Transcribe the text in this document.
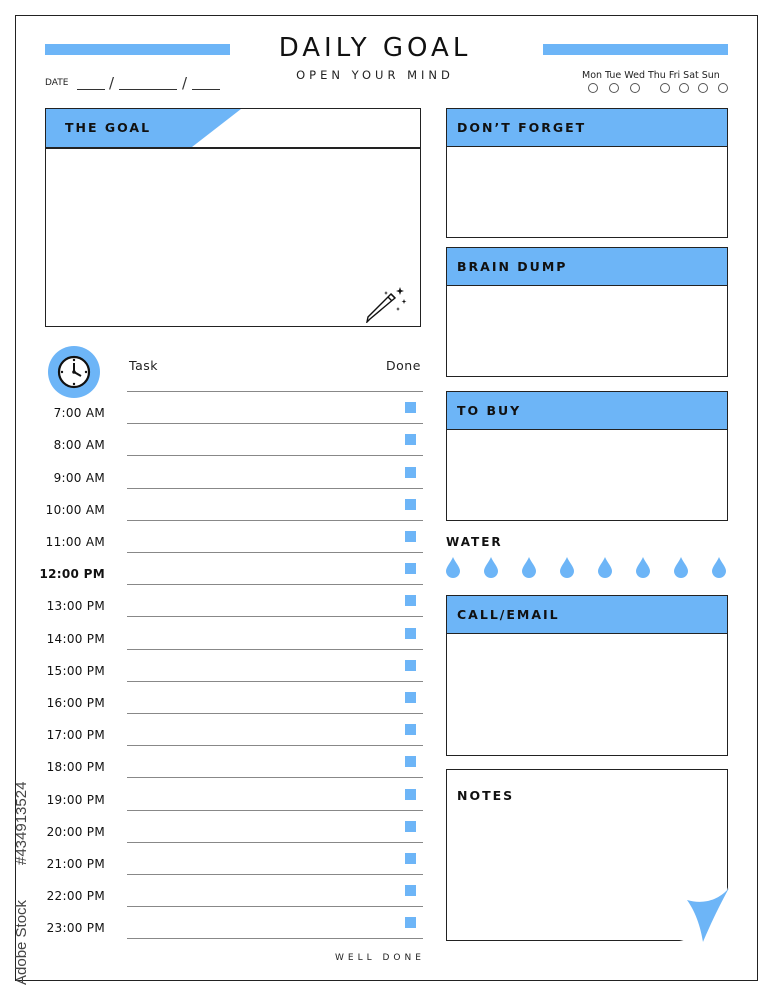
DAILY GOAL
OPEN YOUR MIND
DATE	/	/	Mon Tue Wed Thu Fri Sat Sun
THE GOAL
Task	Done
7:00 AM
8:00 AM
9:00 AM
10:00 AM
11:00 AM
12:00 PM
13:00 PM
14:00 PM
15:00 PM
16:00 PM
17:00 PM
18:00 PM
19:00 PM
20:00 PM
21:00 PM
22:00 PM
23:00 PM
DON’T FORGET
BRAIN DUMP
TO BUY
WATER
CALL/EMAIL
NOTES
WELL DONE
Adobe Stock
#434913524
